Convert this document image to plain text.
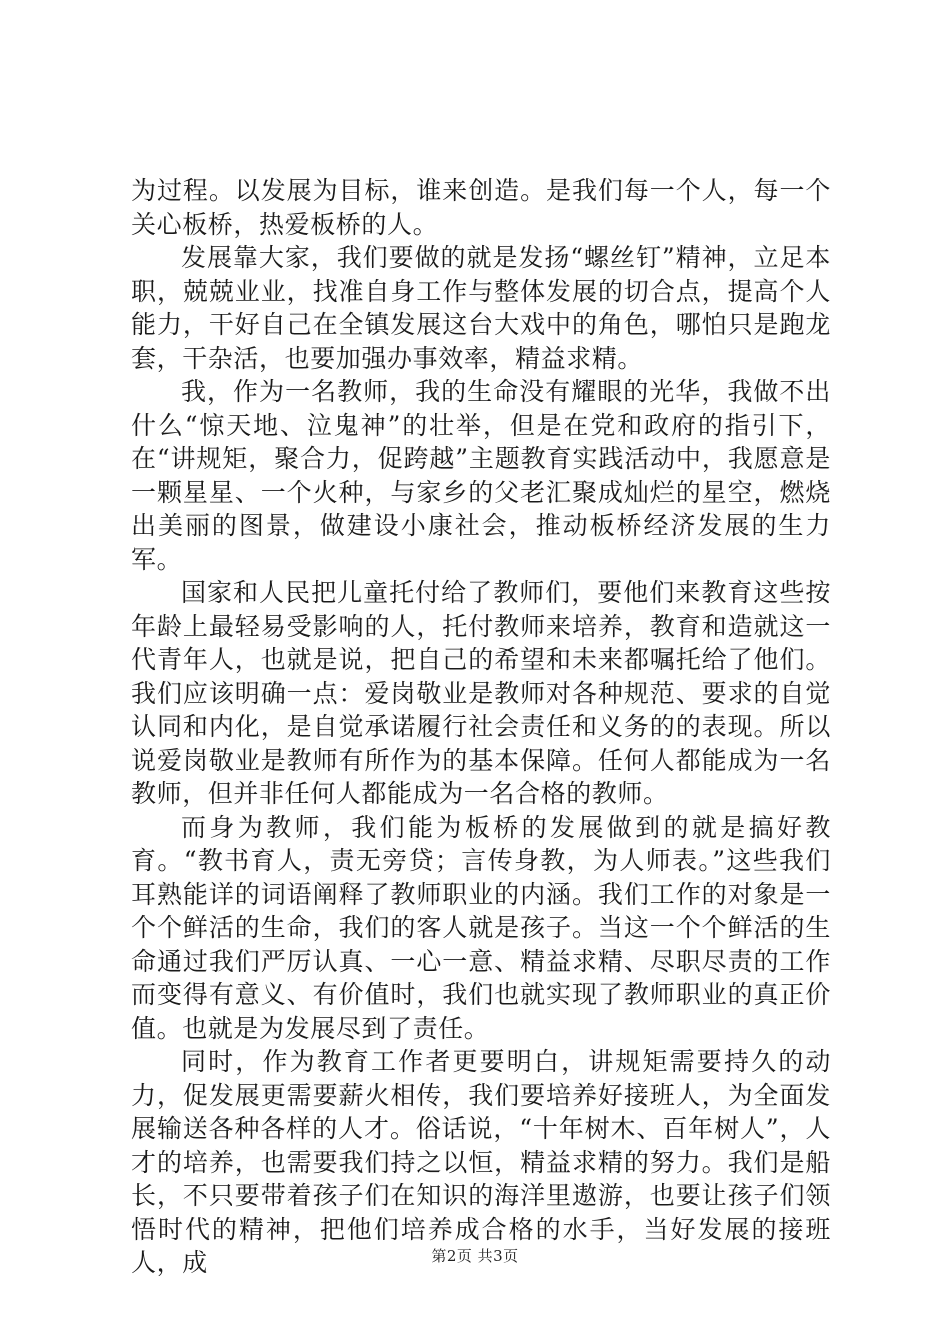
为过程。以发展为目标，谁来创造。是我们每一个人，每一个关心板桥，热爱板桥的人。

发展靠大家，我们要做的就是发扬“螺丝钉”精神，立足本职，兢兢业业，找准自身工作与整体发展的切合点，提高个人能力，干好自己在全镇发展这台大戏中的角色，哪怕只是跑龙套，干杂活，也要加强办事效率，精益求精。

我，作为一名教师，我的生命没有耀眼的光华，我做不出什么“惊天地、泣鬼神”的壮举，但是在党和政府的指引下，在“讲规矩，聚合力，促跨越”主题教育实践活动中，我愿意是一颗星星、一个火种，与家乡的父老汇聚成灿烂的星空，燃烧出美丽的图景，做建设小康社会，推动板桥经济发展的生力军。

国家和人民把儿童托付给了教师们，要他们来教育这些按年龄上最轻易受影响的人，托付教师来培养，教育和造就这一代青年人，也就是说，把自己的希望和未来都嘱托给了他们。我们应该明确一点：爱岗敬业是教师对各种规范、要求的自觉认同和内化，是自觉承诺履行社会责任和义务的的表现。所以说爱岗敬业是教师有所作为的基本保障。任何人都能成为一名教师，但并非任何人都能成为一名合格的教师。

而身为教师，我们能为板桥的发展做到的就是搞好教育。“教书育人，责无旁贷；言传身教，为人师表。”这些我们耳熟能详的词语阐释了教师职业的内涵。我们工作的对象是一个个鲜活的生命，我们的客人就是孩子。当这一个个鲜活的生命通过我们严厉认真、一心一意、精益求精、尽职尽责的工作而变得有意义、有价值时，我们也就实现了教师职业的真正价值。也就是为发展尽到了责任。

同时，作为教育工作者更要明白，讲规矩需要持久的动力，促发展更需要薪火相传，我们要培养好接班人，为全面发展输送各种各样的人才。俗话说，“十年树木、百年树人”，人才的培养，也需要我们持之以恒，精益求精的努力。我们是船长，不只要带着孩子们在知识的海洋里遨游，也要让孩子们领悟时代的精神，把他们培养成合格的水手，当好发展的接班人，成	第2页 共3页
